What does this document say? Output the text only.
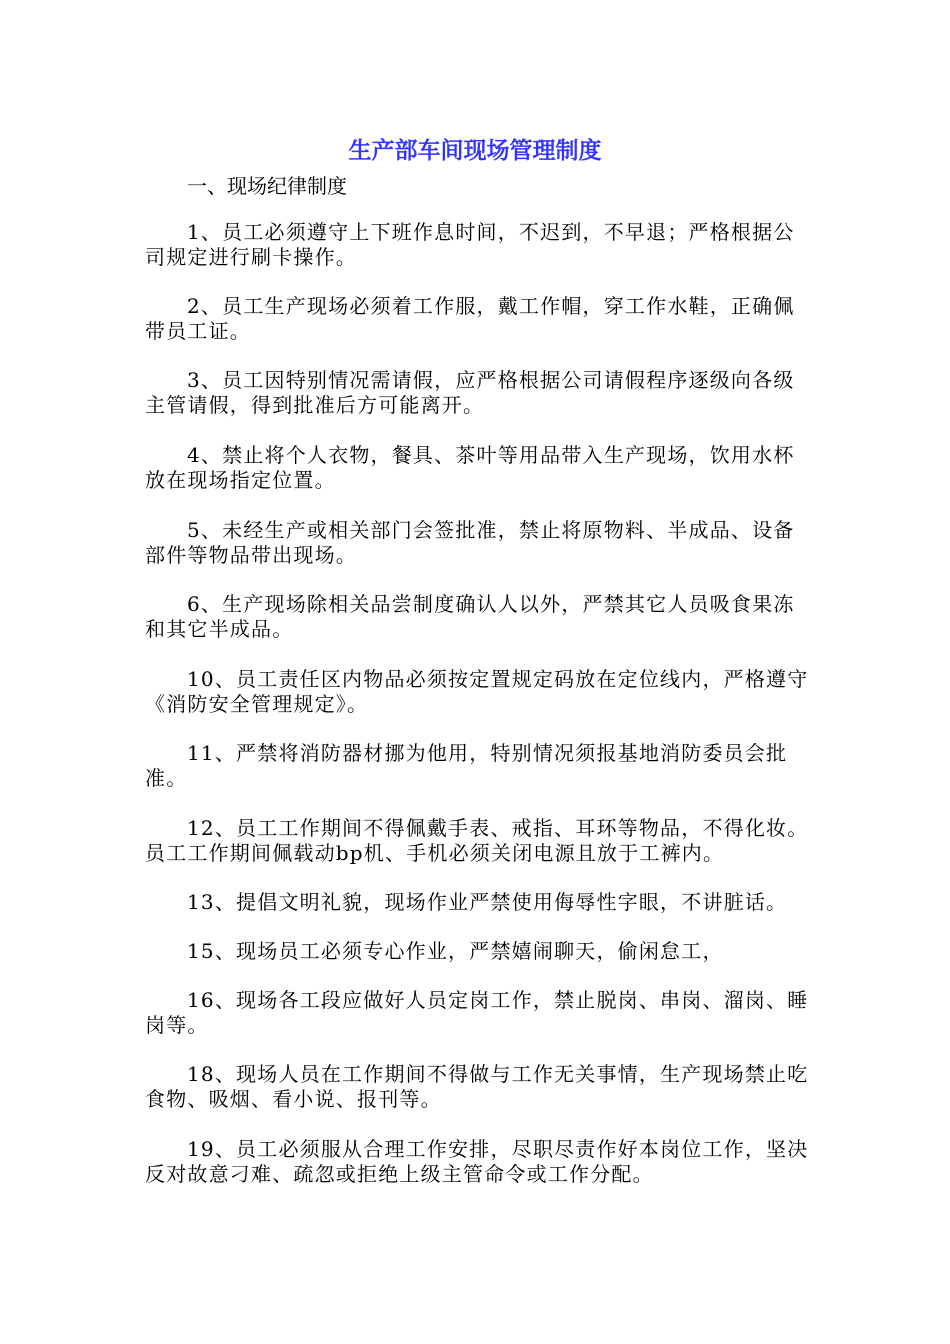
生产部车间现场管理制度

一、现场纪律制度

1、员工必须遵守上下班作息时间，不迟到，不早退；严格根据公司规定进行刷卡操作。

2、员工生产现场必须着工作服，戴工作帽，穿工作水鞋，正确佩带员工证。

3、员工因特别情况需请假，应严格根据公司请假程序逐级向各级主管请假，得到批准后方可能离开。

4、禁止将个人衣物，餐具、茶叶等用品带入生产现场，饮用水杯放在现场指定位置。

5、未经生产或相关部门会签批准，禁止将原物料、半成品、设备部件等物品带出现场。

6、生产现场除相关品尝制度确认人以外，严禁其它人员吸食果冻和其它半成品。

10、员工责任区内物品必须按定置规定码放在定位线内，严格遵守《消防安全管理规定》。

11、严禁将消防器材挪为他用，特别情况须报基地消防委员会批准。

12、员工工作期间不得佩戴手表、戒指、耳环等物品，不得化妆。员工工作期间佩载动bp机、手机必须关闭电源且放于工裤内。

13、提倡文明礼貌，现场作业严禁使用侮辱性字眼，不讲脏话。

15、现场员工必须专心作业，严禁嬉闹聊天，偷闲怠工，

16、现场各工段应做好人员定岗工作，禁止脱岗、串岗、溜岗、睡岗等。

18、现场人员在工作期间不得做与工作无关事情，生产现场禁止吃食物、吸烟、看小说、报刊等。

19、员工必须服从合理工作安排，尽职尽责作好本岗位工作，坚决反对故意刁难、疏忽或拒绝上级主管命令或工作分配。
